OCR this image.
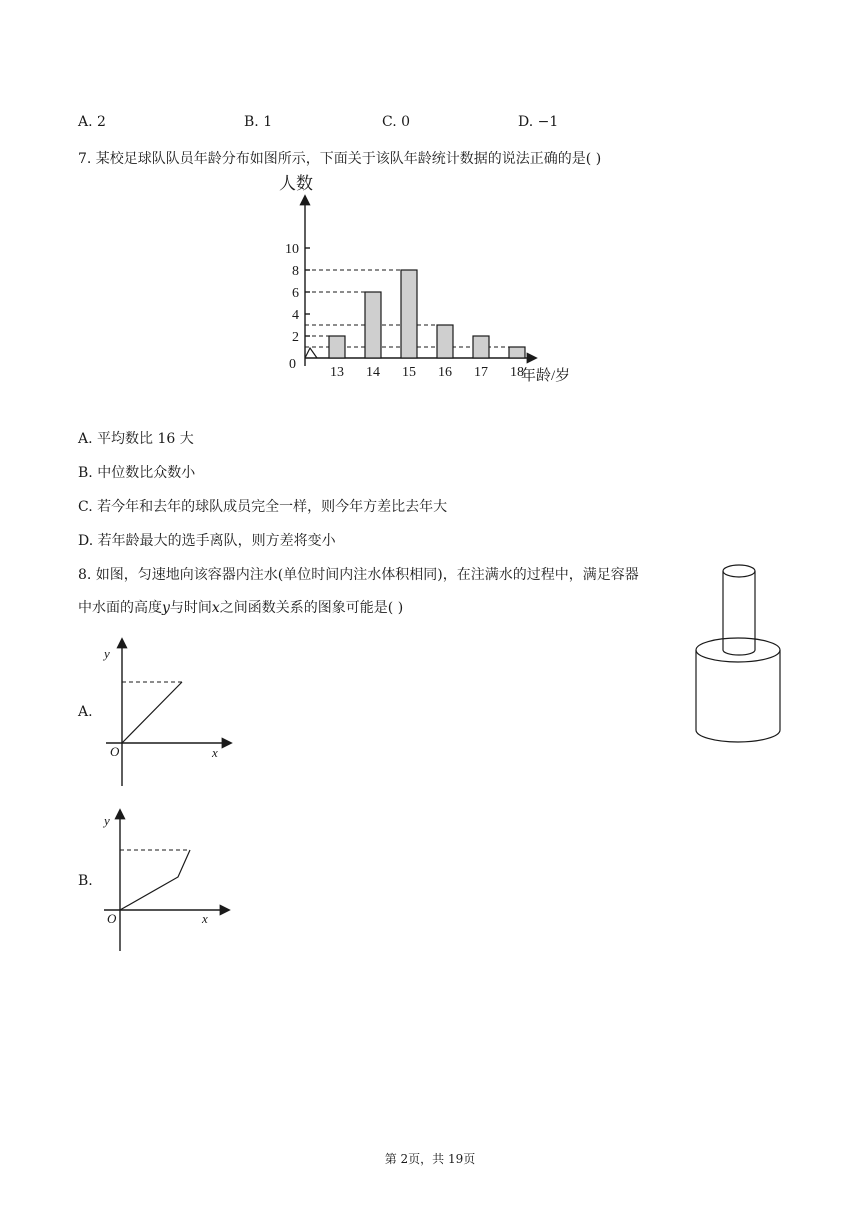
A. 2	B. 1	C. 0	D. −1
7. 某校足球队队员年龄分布如图所示，下面关于该队年龄统计数据的说法正确的是( )
2
4
6
8
10
0
13 14 15 16 17 18
人数
年龄/岁
A. 平均数比 16 大
B. 中位数比众数小
C. 若今年和去年的球队成员完全一样，则今年方差比去年大
D. 若年龄最大的选手离队，则方差将变小
8. 如图，匀速地向该容器内注水(单位时间内注水体积相同)，在注满水的过程中，满足容器
中水面的高度𝑦与时间𝑥之间函数关系的图象可能是( )
A.
y
x
O
B.
y
x
O
第 2页，共 19页
